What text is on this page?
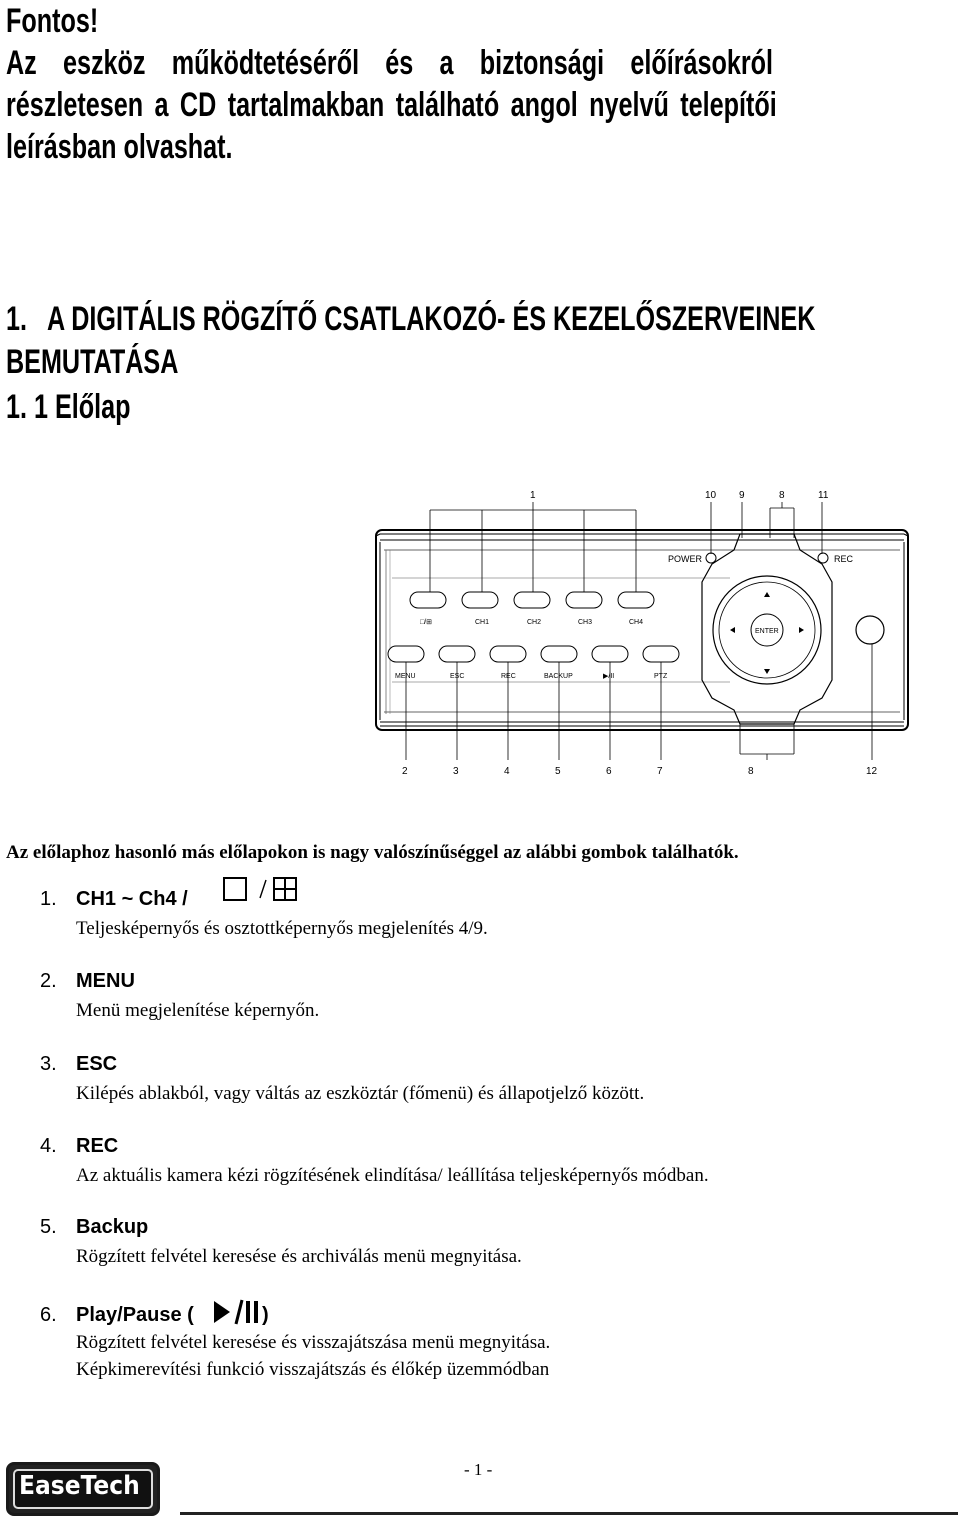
Fontos!
Az eszköz működtetéséről és a biztonsági előírásokról
részletesen a CD tartalmakban található angol nyelvű telepítői
leírásban olvashat.
1.   A DIGITÁLIS RÖGZÍTŐ CSATLAKOZÓ- ÉS KEZELŐSZERVEINEK
BEMUTATÁSA
1. 1 Előlap
1	10 9	8	11
POWER	REC
□/⊞	CH1	CH2	CH3	CH4
MENU	ESC	REC	BACKUP	▶/II	PTZ
ENTER
2	3	4	5	6	7	8	12
Az előlaphoz hasonló más előlapokon is nagy valószínűséggel az alábbi gombok találhatók.
1. CH1 ~ Ch4 /
Teljesképernyős és osztottképernyős megjelenítés 4/9.
2. MENU
Menü megjelenítése képernyőn.
3. ESC
Kilépés ablakból, vagy váltás az eszköztár (főmenü) és állapotjelző között.
4. REC
Az aktuális kamera kézi rögzítésének elindítása/ leállítása teljesképernyős módban.
5. Backup
Rögzített felvétel keresése és archiválás menü megnyitása.
6. Play/Pause (	)
Rögzített felvétel keresése és visszajátszása menü megnyitása.
Képkimerevítési funkció visszajátszás és élőkép üzemmódban
- 1 -
EaseTech
